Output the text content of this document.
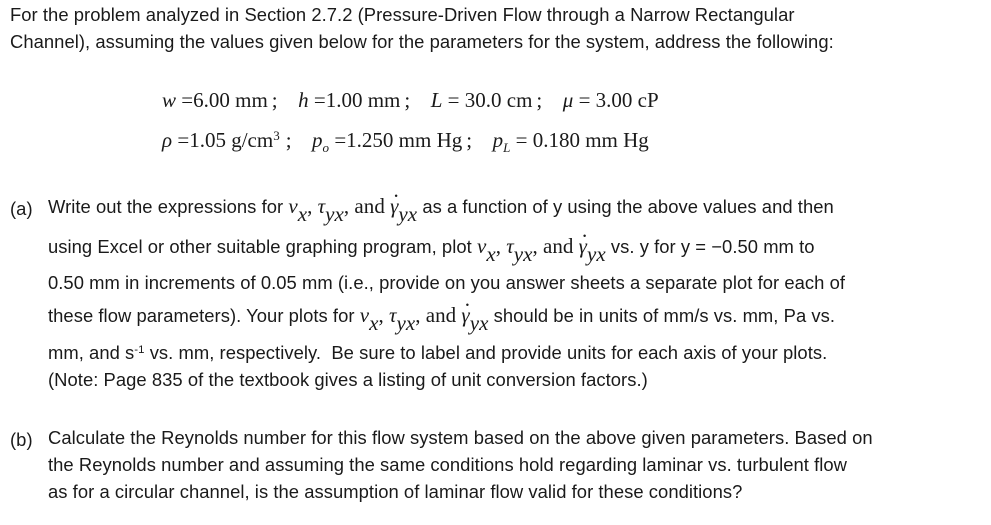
For the problem analyzed in Section 2.7.2 (Pressure-Driven Flow through a Narrow Rectangular
Channel), assuming the values given below for the parameters for the system, address the following:
w =6.00 mm ; h =1.00 mm ; L = 30.0 cm ; μ = 3.00 cP
ρ =1.05 $g/cm^3$ ; $p_o =1.250$ mm Hg ; $p_L = 0.180$ mm Hg
(a) Write out the expressions for vx, τyx, and · γyx as a function of y using the above values and then
using Excel or other suitable graphing program, plot vx, τyx, and · γyx vs. y for y = −0.50 mm to
0.50 mm in increments of 0.05 mm (i.e., provide on you answer sheets a separate plot for each of
these flow parameters). Your plots for vx, τyx, and · γyx should be in units of mm/s vs. mm, Pa vs.
mm, and $s^{-1}$ vs. mm, respectively.  Be sure to label and provide units for each axis of your plots.
(Note: Page 835 of the textbook gives a listing of unit conversion factors.)
(b) Calculate the Reynolds number for this flow system based on the above given parameters. Based on
the Reynolds number and assuming the same conditions hold regarding laminar vs. turbulent flow
as for a circular channel, is the assumption of laminar flow valid for these conditions?
